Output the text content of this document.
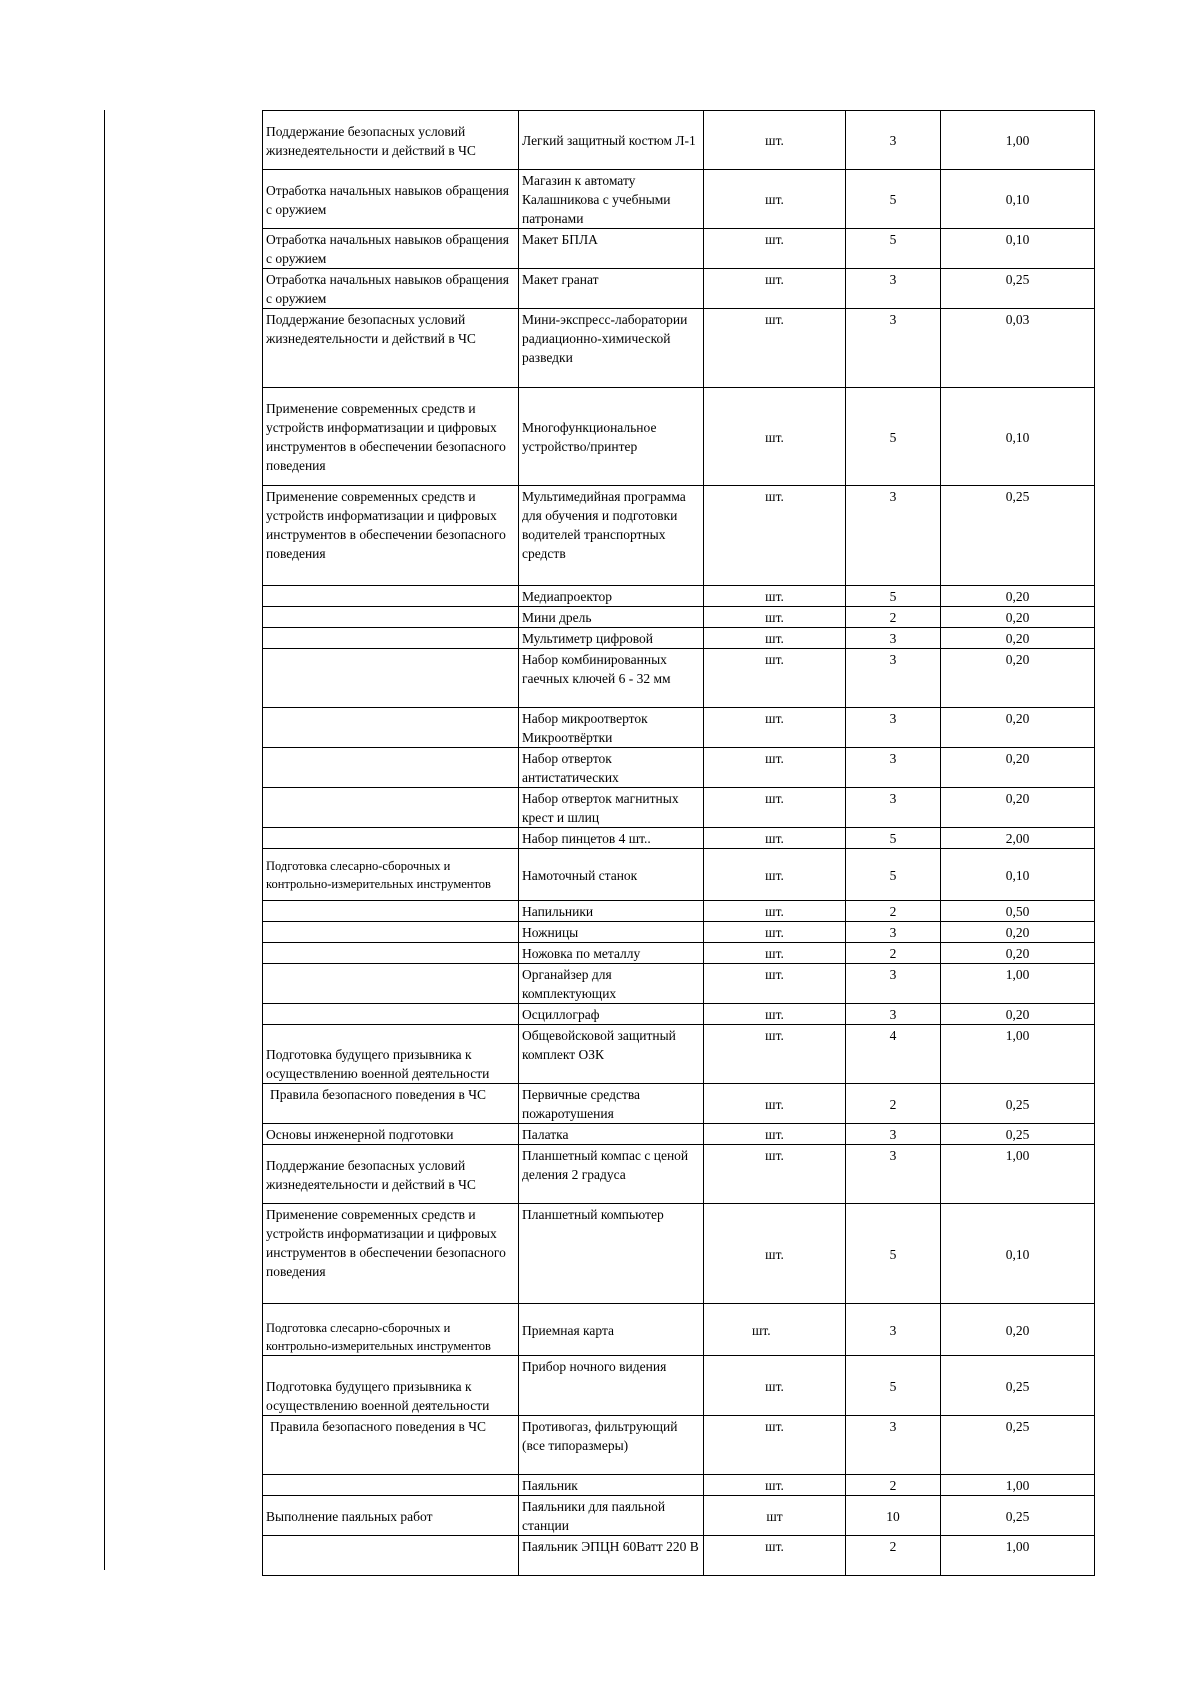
Поддержание безопасных условий жизнедеятельности и действий в ЧС	Легкий защитный костюм Л-1	шт.	3	1,00
Отработка начальных навыков обращения с оружием	Магазин к автомату Калашникова с учебными патронами	шт.	5	0,10
Отработка начальных навыков обращения с оружием	Макет БПЛА	шт.	5	0,10
Отработка начальных навыков обращения с оружием	Макет гранат	шт.	3	0,25
Поддержание безопасных условий жизнедеятельности и действий в ЧС	Мини-экспресс-лаборатории радиационно-химической разведки	шт.	3	0,03
Применение современных средств и устройств информатизации и цифровых инструментов в обеспечении безопасного поведения	Многофункциональное устройство/принтер	шт.	5	0,10
Применение современных средств и устройств информатизации и цифровых инструментов в обеспечении безопасного поведения	Мультимедийная программа для обучения и подготовки водителей транспортных средств	шт.	3	0,25
	Медиапроектор	шт.	5	0,20
	Мини дрель	шт.	2	0,20
	Мультиметр цифровой	шт.	3	0,20
	Набор комбинированных гаечных ключей 6 - 32 мм	шт.	3	0,20
	Набор микроотверток Микроотвёртки	шт.	3	0,20
	Набор отверток антистатических	шт.	3	0,20
	Набор отверток магнитных крест и шлиц	шт.	3	0,20
	Набор пинцетов 4 шт..	шт.	5	2,00
Подготовка слесарно-сборочных и контрольно-измерительных инструментов	Намоточный станок	шт.	5	0,10
	Напильники	шт.	2	0,50
	Ножницы	шт.	3	0,20
	Ножовка по металлу	шт.	2	0,20
	Органайзер для комплектующих	шт.	3	1,00
	Осциллограф	шт.	3	0,20
Подготовка будущего призывника к осуществлению военной деятельности	Общевойсковой защитный комплект ОЗК	шт.	4	1,00
Правила безопасного поведения в ЧС	Первичные средства пожаротушения	шт.	2	0,25
Основы инженерной подготовки	Палатка	шт.	3	0,25
Поддержание безопасных условий жизнедеятельности и действий в ЧС	Планшетный компас с ценой деления 2 градуса	шт.	3	1,00
Применение современных средств и устройств информатизации и цифровых инструментов в обеспечении безопасного поведения	Планшетный компьютер	шт.	5	0,10
Подготовка слесарно-сборочных и контрольно-измерительных инструментов	Приемная карта	шт.	3	0,20
Подготовка будущего призывника к осуществлению военной деятельности	Прибор ночного видения	шт.	5	0,25
Правила безопасного поведения в ЧС	Противогаз, фильтрующий (все типоразмеры)	шт.	3	0,25
	Паяльник	шт.	2	1,00
Выполнение паяльных работ	Паяльники для паяльной станции	шт	10	0,25
	Паяльник ЭПЦН 60Ватт 220 В	шт.	2	1,00
